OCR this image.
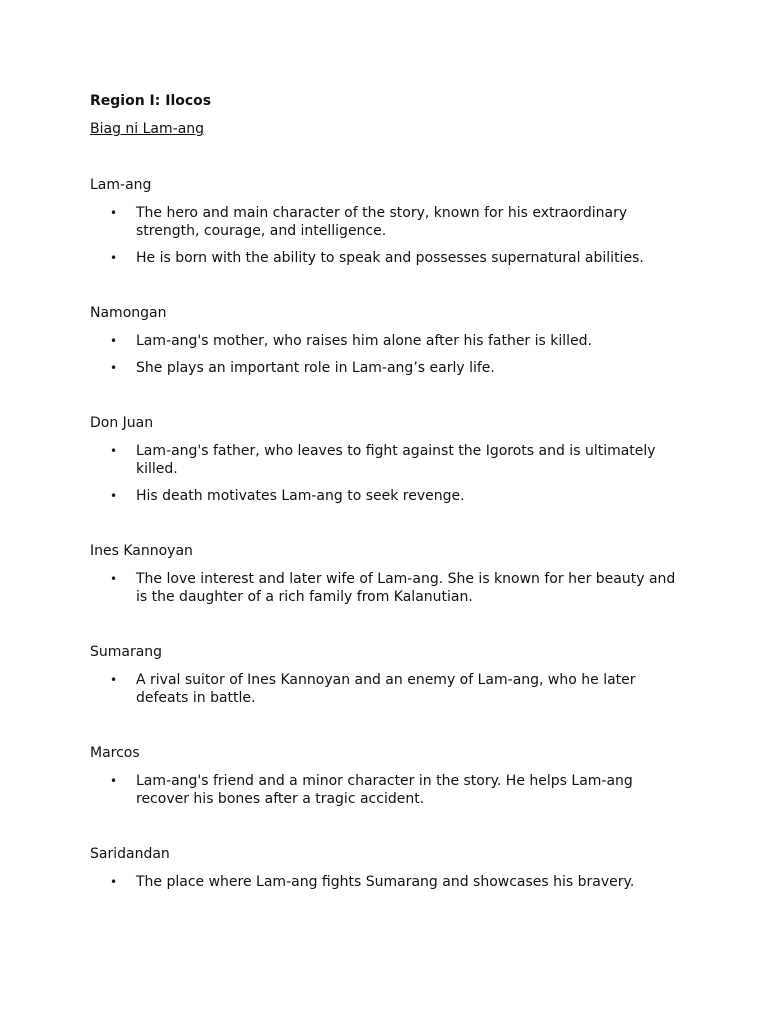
Region I: Ilocos

Biag ni Lam-ang

Lam-ang

• The hero and main character of the story, known for his extraordinary strength, courage, and intelligence.
• He is born with the ability to speak and possesses supernatural abilities.

Namongan

• Lam-ang's mother, who raises him alone after his father is killed.
• She plays an important role in Lam-ang’s early life.

Don Juan

• Lam-ang's father, who leaves to fight against the Igorots and is ultimately killed.
• His death motivates Lam-ang to seek revenge.

Ines Kannoyan

• The love interest and later wife of Lam-ang. She is known for her beauty and is the daughter of a rich family from Kalanutian.

Sumarang

• A rival suitor of Ines Kannoyan and an enemy of Lam-ang, who he later defeats in battle.

Marcos

• Lam-ang's friend and a minor character in the story. He helps Lam-ang recover his bones after a tragic accident.

Saridandan

• The place where Lam-ang fights Sumarang and showcases his bravery.
